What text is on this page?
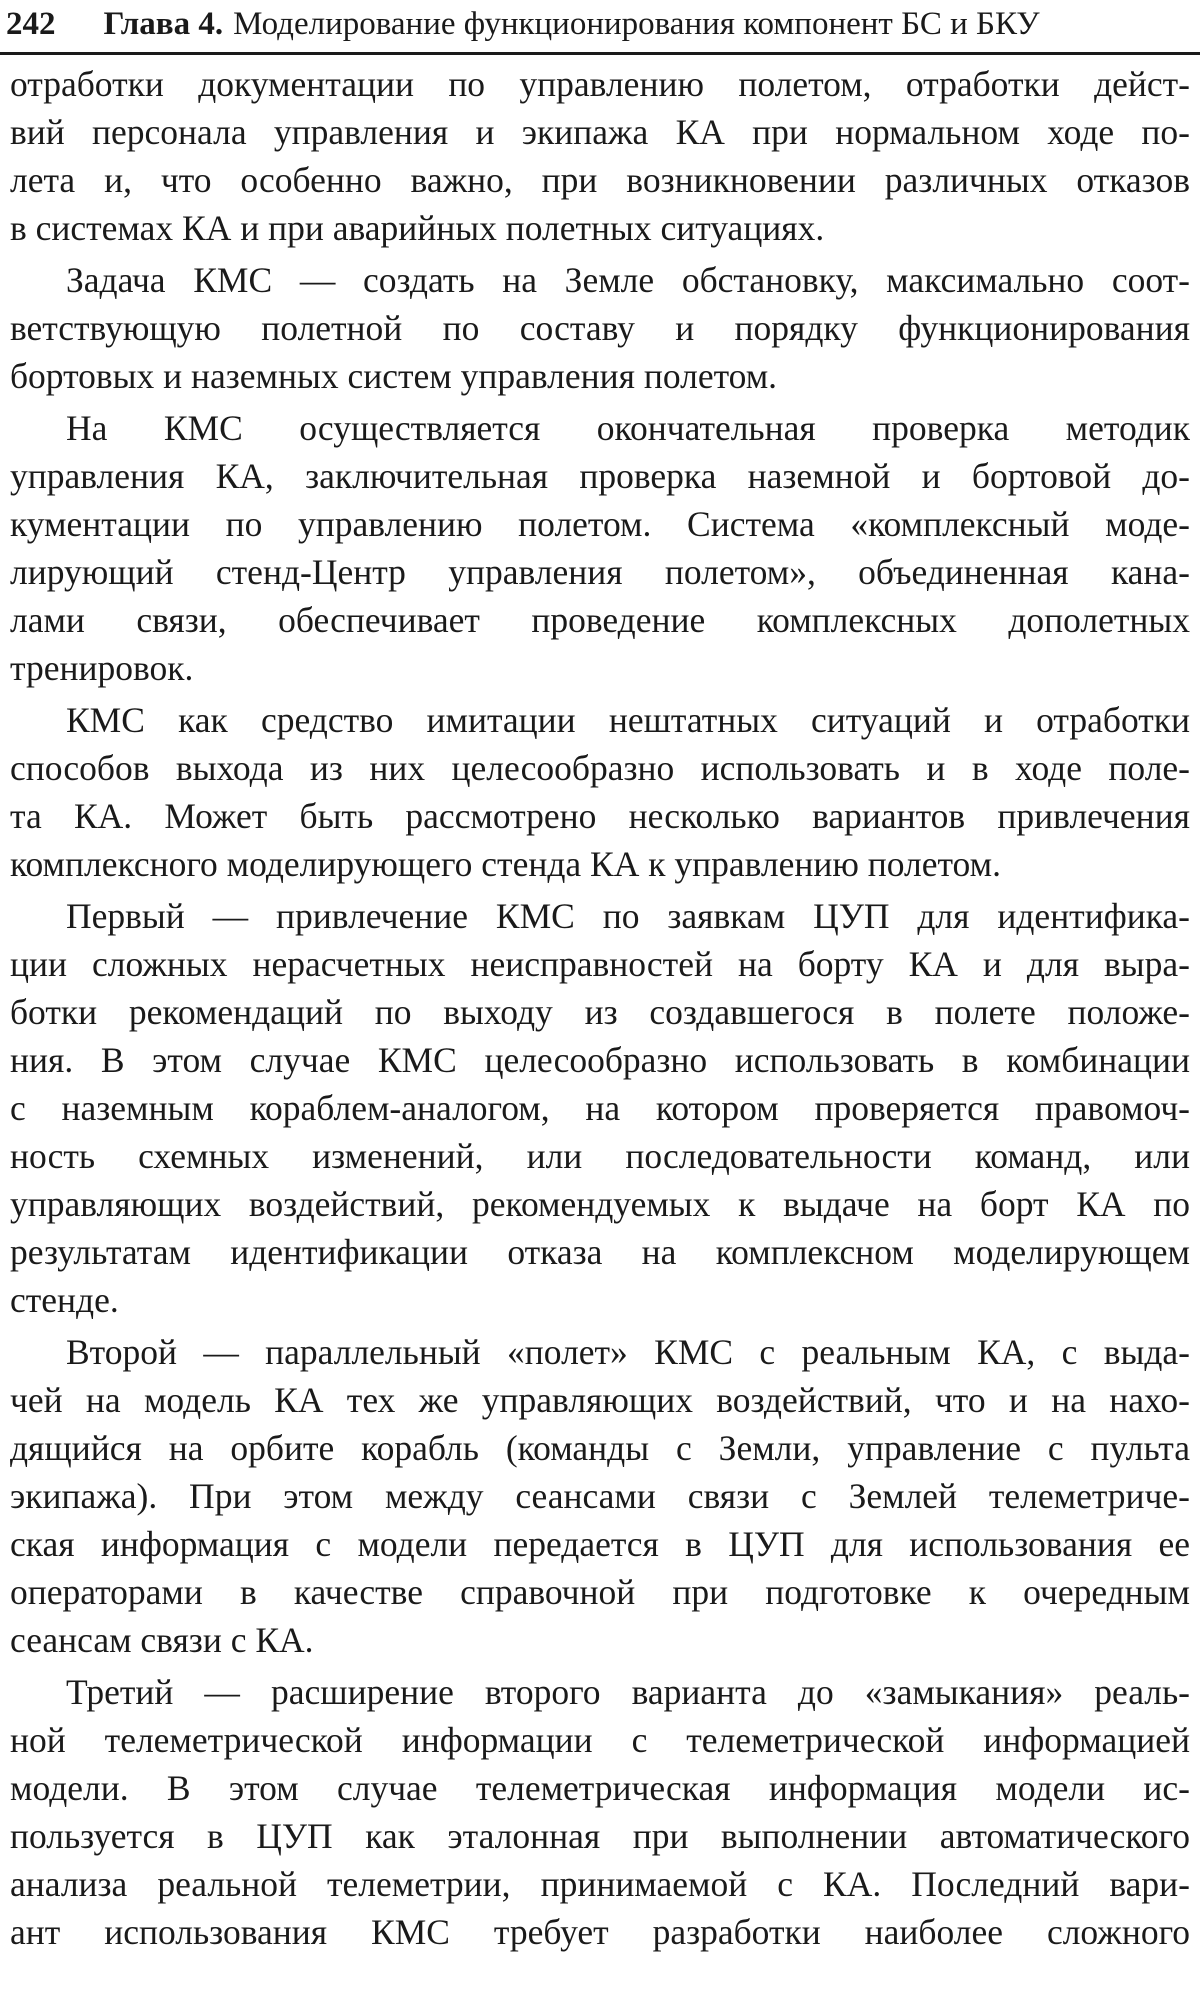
242 Глава 4. Моделирование функционирования компонент БС и БКУ
отработки документации по управлению полетом, отработки дейст-
вий персонала управления и экипажа КА при нормальном ходе по-
лета и, что особенно важно, при возникновении различных отказов
в системах КА и при аварийных полетных ситуациях.
Задача КМС — создать на Земле обстановку, максимально соот-
ветствующую полетной по составу и порядку функционирования
бортовых и наземных систем управления полетом.
На КМС осуществляется окончательная проверка методик
управления КА, заключительная проверка наземной и бортовой до-
кументации по управлению полетом. Система «комплексный моде-
лирующий стенд-Центр управления полетом», объединенная кана-
лами связи, обеспечивает проведение комплексных дополетных
тренировок.
КМС как средство имитации нештатных ситуаций и отработки
способов выхода из них целесообразно использовать и в ходе поле-
та КА. Может быть рассмотрено несколько вариантов привлечения
комплексного моделирующего стенда КА к управлению полетом.
Первый — привлечение КМС по заявкам ЦУП для идентифика-
ции сложных нерасчетных неисправностей на борту КА и для выра-
ботки рекомендаций по выходу из создавшегося в полете положе-
ния. В этом случае КМС целесообразно использовать в комбинации
с наземным кораблем-аналогом, на котором проверяется правомоч-
ность схемных изменений, или последовательности команд, или
управляющих воздействий, рекомендуемых к выдаче на борт КА по
результатам идентификации отказа на комплексном моделирующем
стенде.
Второй — параллельный «полет» КМС с реальным КА, с выда-
чей на модель КА тех же управляющих воздействий, что и на нахо-
дящийся на орбите корабль (команды с Земли, управление с пульта
экипажа). При этом между сеансами связи с Землей телеметриче-
ская информация с модели передается в ЦУП для использования ее
операторами в качестве справочной при подготовке к очередным
сеансам связи с КА.
Третий — расширение второго варианта до «замыкания» реаль-
ной телеметрической информации с телеметрической информацией
модели. В этом случае телеметрическая информация модели ис-
пользуется в ЦУП как эталонная при выполнении автоматического
анализа реальной телеметрии, принимаемой с КА. Последний вари-
ант использования КМС требует разработки наиболее сложного
